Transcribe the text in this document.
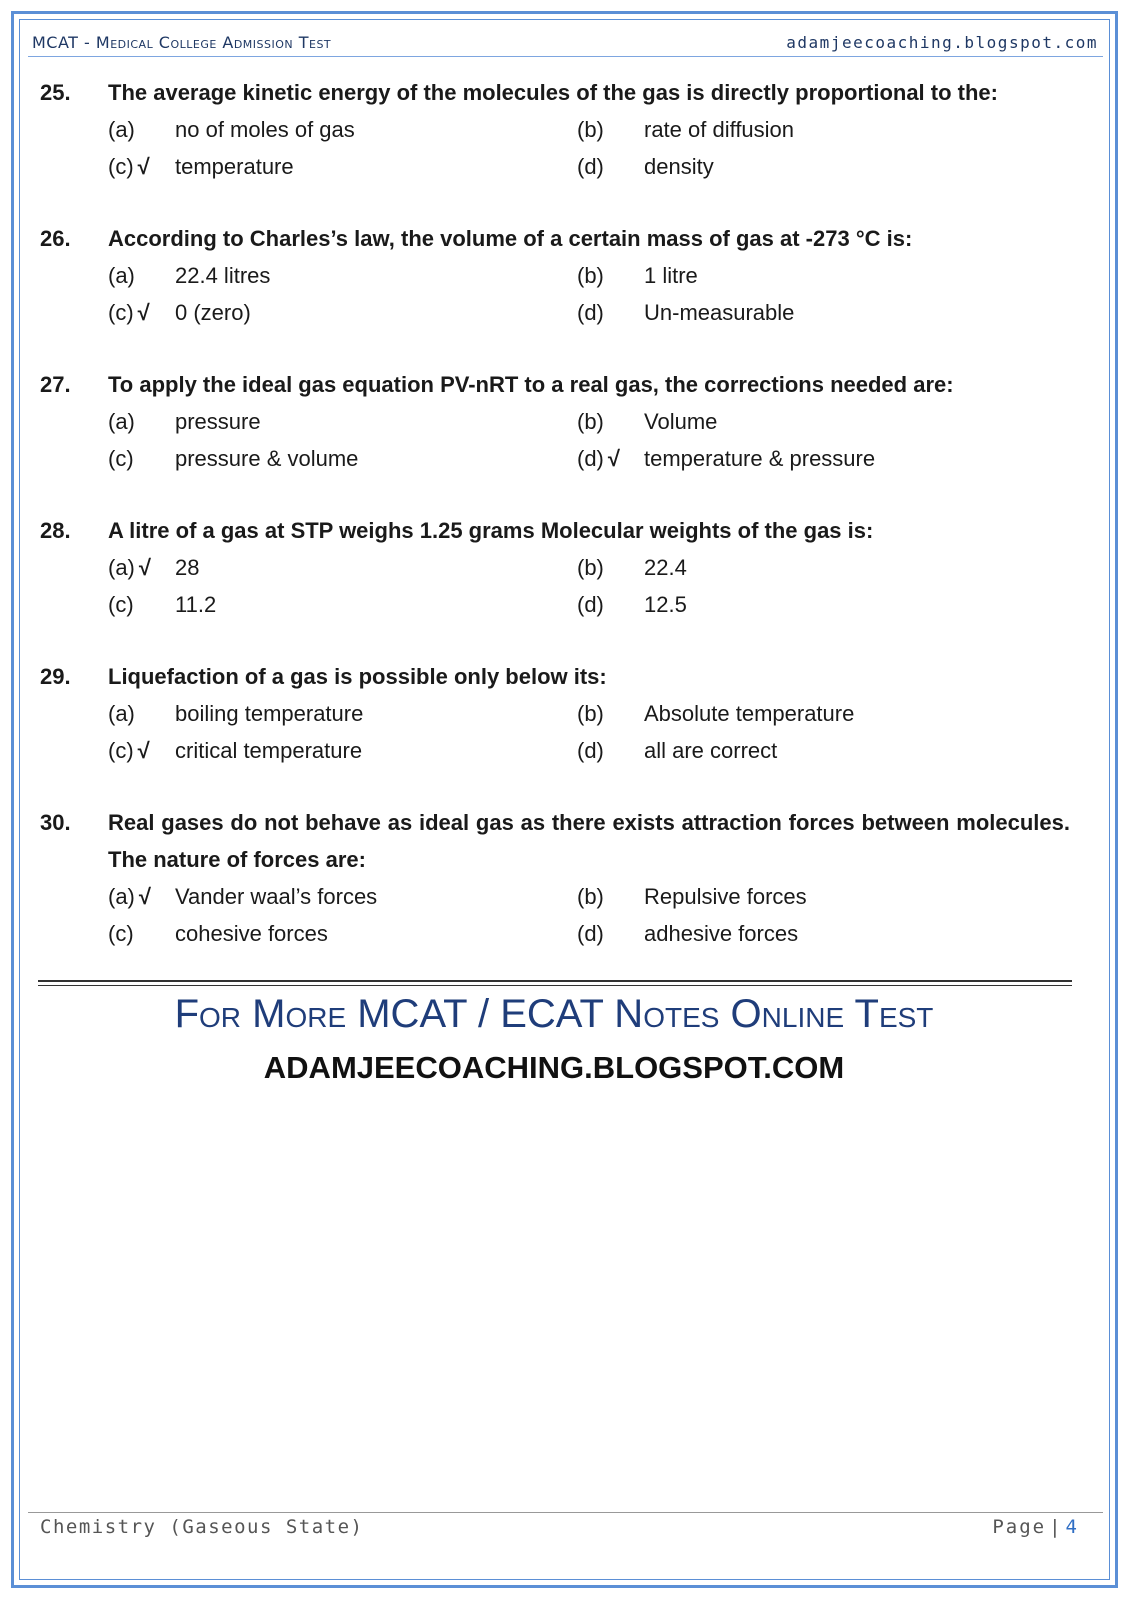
MCAT - Medical College Admission Test	adamjeecoaching.blogspot.com
25. The average kinetic energy of the molecules of the gas is directly proportional to the:
(a) no of moles of gas	(b) rate of diffusion
(c) √ temperature	(d) density
26. According to Charles’s law, the volume of a certain mass of gas at -273 °C is:
(a) 22.4 litres	(b) 1 litre
(c) √ 0 (zero)	(d) Un-measurable
27. To apply the ideal gas equation PV-nRT to a real gas, the corrections needed are:
(a) pressure	(b) Volume
(c) pressure & volume	(d) √ temperature & pressure
28. A litre of a gas at STP weighs 1.25 grams Molecular weights of the gas is:
(a) √ 28	(b) 22.4
(c) 11.2	(d) 12.5
29. Liquefaction of a gas is possible only below its:
(a) boiling temperature	(b) Absolute temperature
(c) √ critical temperature	(d) all are correct
30. Real gases do not behave as ideal gas as there exists attraction forces between molecules. The nature of forces are:
(a) √ Vander waal’s forces	(b) Repulsive forces
(c) cohesive forces	(d) adhesive forces
For More MCAT / ECAT Notes Online Test
ADAMJEECOACHING.BLOGSPOT.COM
Chemistry (Gaseous State)	Page | 4
